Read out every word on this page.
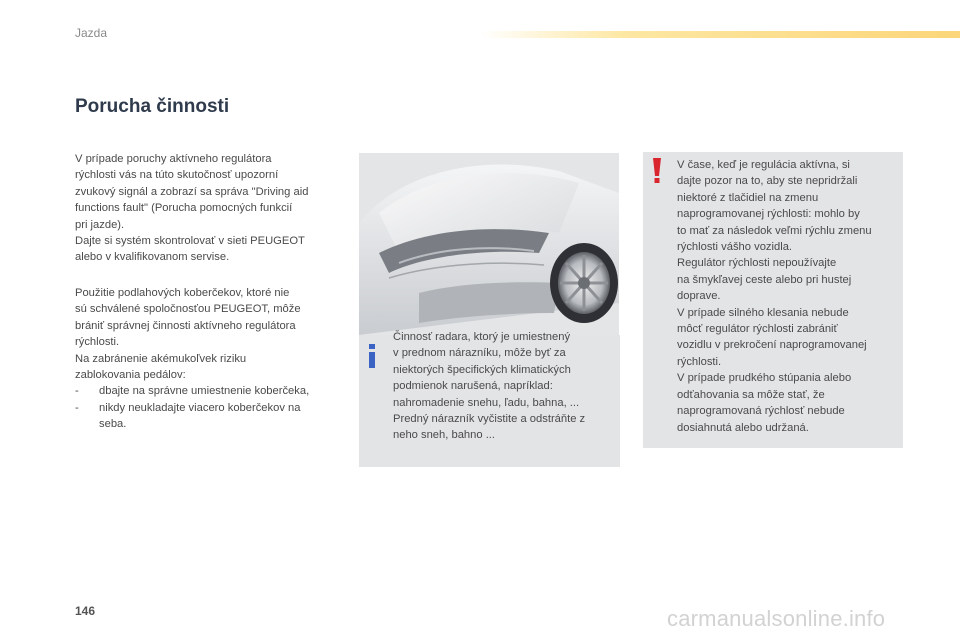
Jazda
Porucha činnosti

V prípade poruchy aktívneho regulátora

rýchlosti vás na túto skutočnosť upozorní

zvukový signál a zobrazí sa správa "Driving aid

functions fault" (Porucha pomocných funkcií

pri jazde).

Dajte si systém skontrolovať v sieti PEUGEOT

alebo v kvalifikovanom servise.

Použitie podlahových koberčekov, ktoré nie

sú schválené spoločnosťou PEUGEOT, môže

brániť správnej činnosti aktívneho regulátora

rýchlosti.

Na zabránenie akémukoľvek riziku

zablokovania pedálov:

- dbajte na správne umiestnenie koberčeka,
- nikdy neukladajte viacero koberčekov na
seba.
Činnosť radara, ktorý je umiestnený
v prednom nárazníku, môže byť za
niektorých špecifických klimatických
podmienok narušená, napríklad:
nahromadenie snehu, ľadu, bahna, ...
Predný nárazník vyčistite a odstráňte z
neho sneh, bahno ...
V čase, keď je regulácia aktívna, si
dajte pozor na to, aby ste nepridržali
niektoré z tlačidiel na zmenu
naprogramovanej rýchlosti: mohlo by
to mať za následok veľmi rýchlu zmenu
rýchlosti vášho vozidla.
Regulátor rýchlosti nepoužívajte
na šmykľavej ceste alebo pri hustej
doprave.
V prípade silného klesania nebude
môcť regulátor rýchlosti zabrániť
vozidlu v prekročení naprogramovanej
rýchlosti.
V prípade prudkého stúpania alebo
odťahovania sa môže stať, že
naprogramovaná rýchlosť nebude
dosiahnutá alebo udržaná.
146	carmanualsonline.info
